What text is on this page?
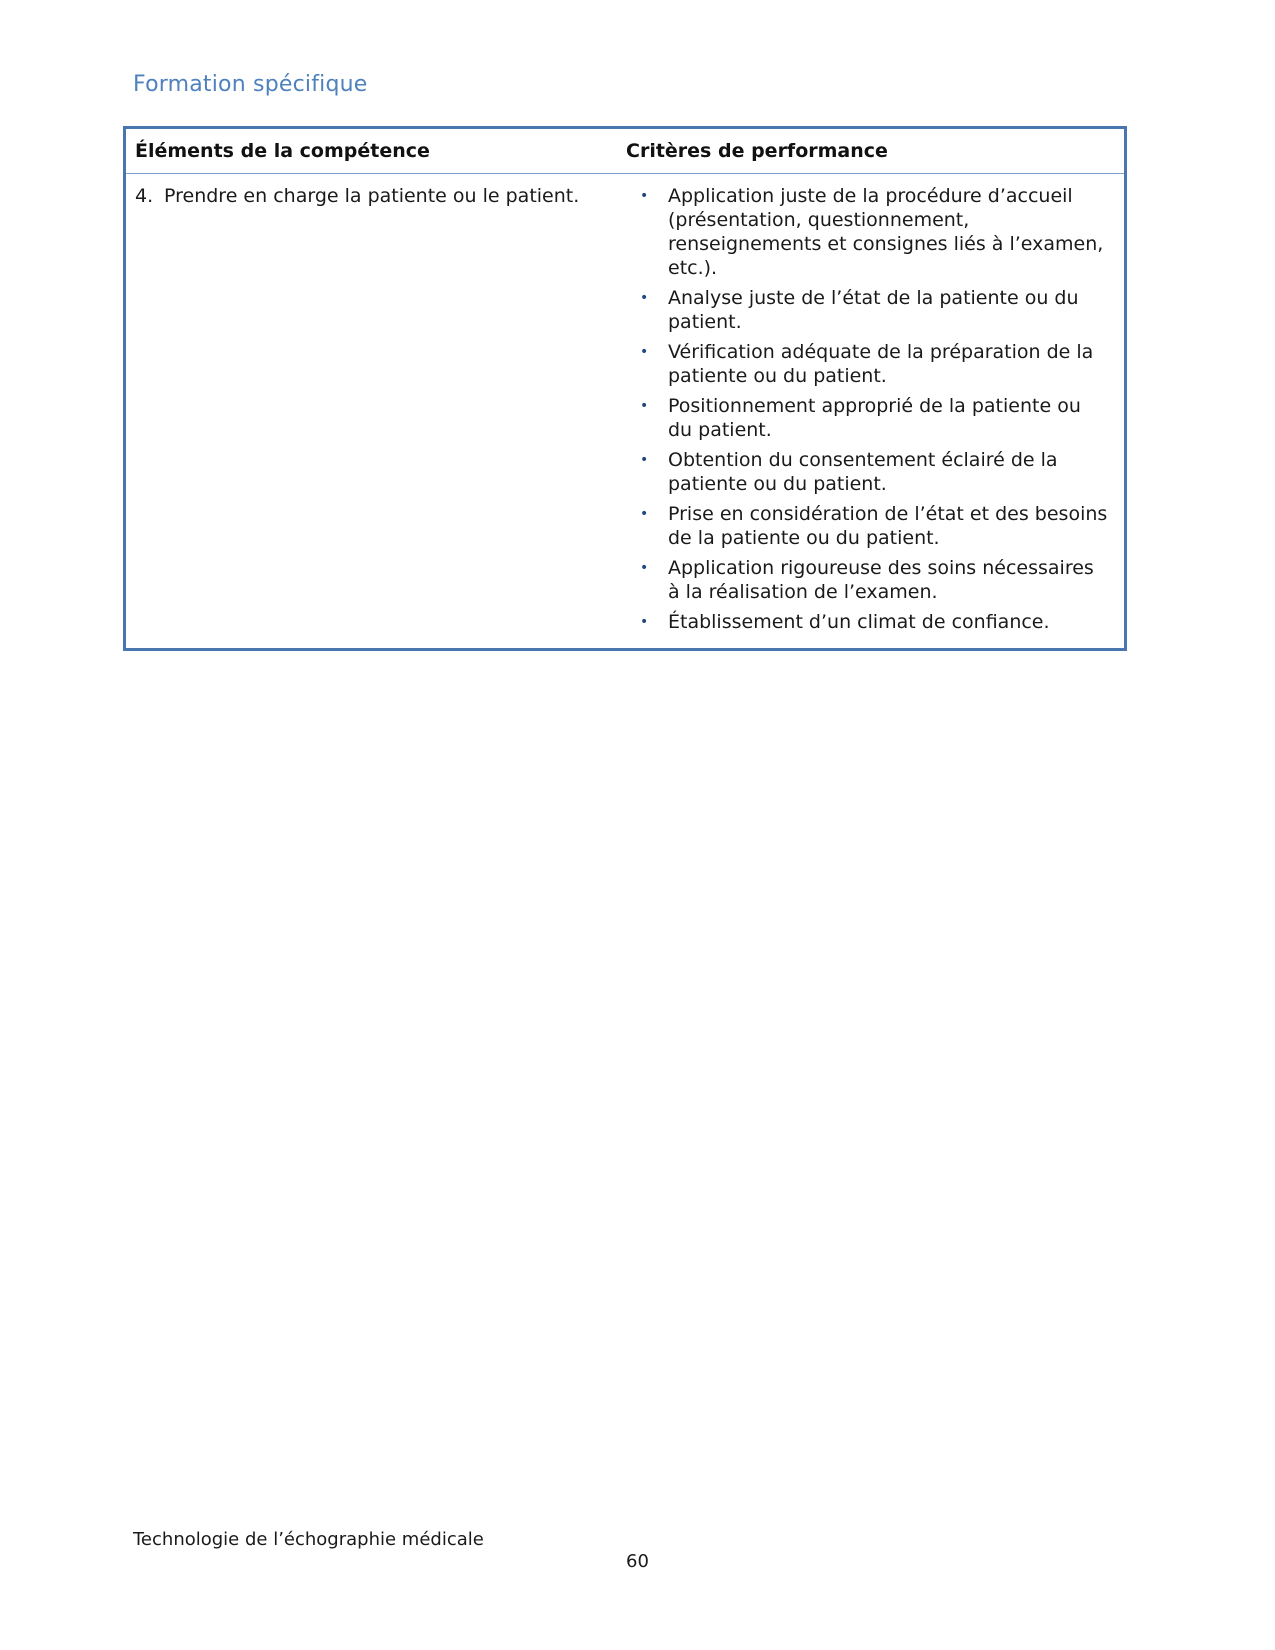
Formation spécifique
Éléments de la compétence	Critères de performance
4. Prendre en charge la patiente ou le patient.	•	Application juste de la procédure d’accueil (présentation, questionnement, renseignements et consignes liés à l’examen, etc.).
•	Analyse juste de l’état de la patiente ou du patient.
•	Vérification adéquate de la préparation de la patiente ou du patient.
•	Positionnement approprié de la patiente ou du patient.
•	Obtention du consentement éclairé de la patiente ou du patient.
•	Prise en considération de l’état et des besoins de la patiente ou du patient.
•	Application rigoureuse des soins nécessaires à la réalisation de l’examen.
•	Établissement d’un climat de confiance.
Technologie de l’échographie médicale
60
